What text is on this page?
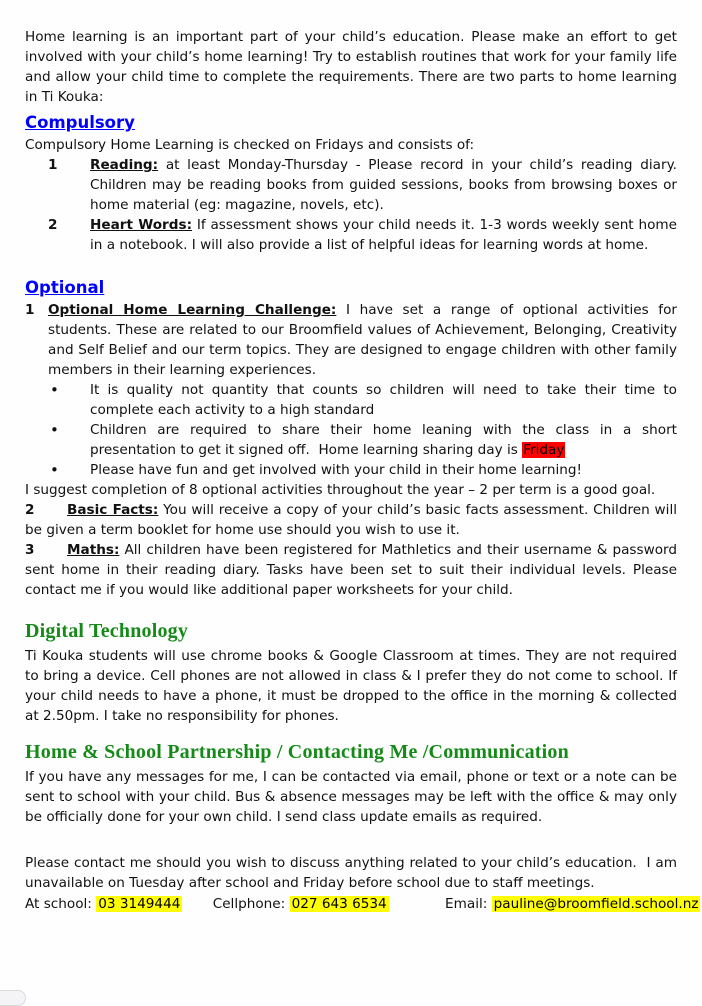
Home learning is an important part of your child’s education. Please make an effort to get involved with your child’s home learning! Try to establish routines that work for your family life and allow your child time to complete the requirements. There are two parts to home learning in Ti Kouka:

Compulsory

Compulsory Home Learning is checked on Fridays and consists of:

1 Reading: at least Monday-Thursday - Please record in your child’s reading diary. Children may be reading books from guided sessions, books from browsing boxes or home material (eg: magazine, novels, etc).
2 Heart Words: If assessment shows your child needs it. 1-3 words weekly sent home in a notebook. I will also provide a list of helpful ideas for learning words at home.
Optional
1 Optional Home Learning Challenge: I have set a range of optional activities for students. These are related to our Broomfield values of Achievement, Belonging, Creativity and Self Belief and our term topics. They are designed to engage children with other family members in their learning experiences.
• It is quality not quantity that counts so children will need to take their time to complete each activity to a high standard
• Children are required to share their home leaning with the class in a short presentation to get it signed off.  Home learning sharing day is Friday
• Please have fun and get involved with your child in their home learning!

I suggest completion of 8 optional activities throughout the year – 2 per term is a good goal.

2 Basic Facts: You will receive a copy of your child’s basic facts assessment. Children will be given a term booklet for home use should you wish to use it.
3 Maths: All children have been registered for Mathletics and their username & password sent home in their reading diary. Tasks have been set to suit their individual levels. Please contact me if you would like additional paper worksheets for your child.
Digital Technology

Ti Kouka students will use chrome books & Google Classroom at times. They are not required to bring a device. Cell phones are not allowed in class & I prefer they do not come to school. If your child needs to have a phone, it must be dropped to the office in the morning & collected at 2.50pm. I take no responsibility for phones.

Home & School Partnership / Contacting Me /Communication

If you have any messages for me, I can be contacted via email, phone or text or a note can be sent to school with your child. Bus & absence messages may be left with the office & may only be officially done for your own child. I send class update emails as required.

Please contact me should you wish to discuss anything related to your child’s education.  I am unavailable on Tuesday after school and Friday before school due to staff meetings.

At school: 03 3149444 Cellphone: 027 643 6534	Email: pauline@broomfield.school.nz
